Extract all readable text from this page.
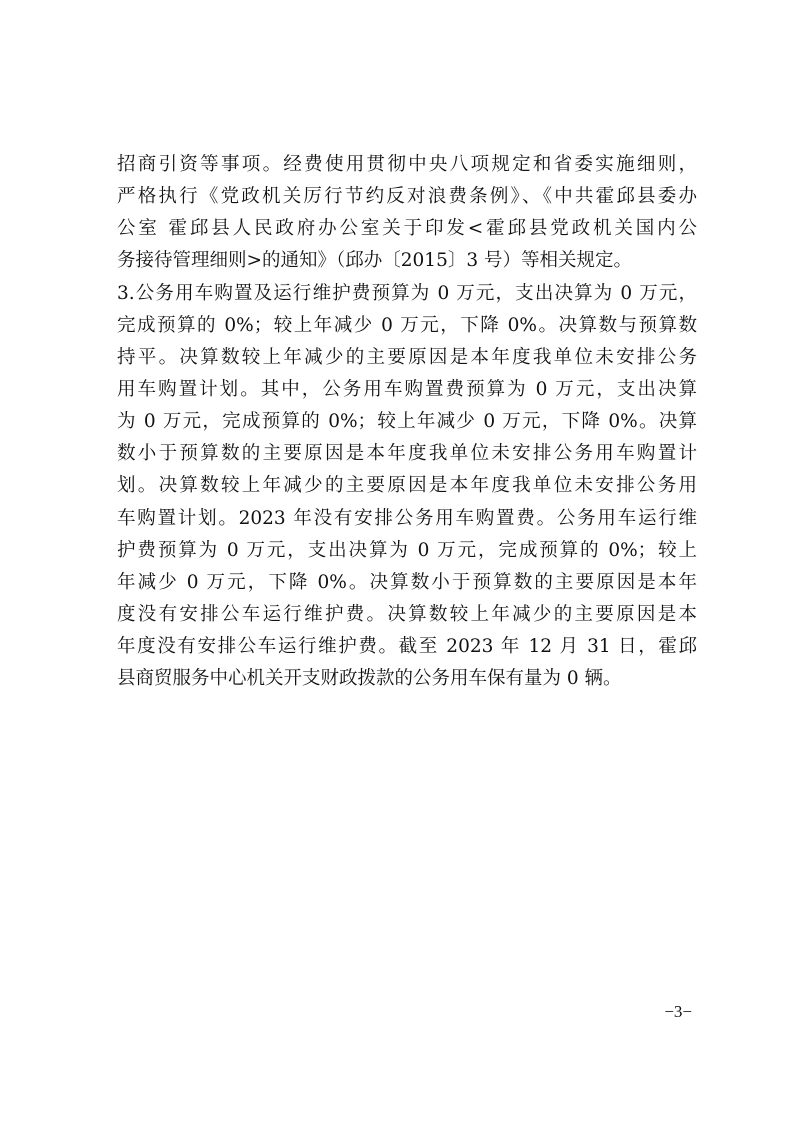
招商引资等事项。经费使用贯彻中央八项规定和省委实施细则，
严格执行《党政机关厉行节约反对浪费条例》、《中共霍邱县委办
公室 霍邱县人民政府办公室关于印发<霍邱县党政机关国内公
务接待管理细则>的通知》（邱办〔2015〕3 号）等相关规定。
3.公务用车购置及运行维护费预算为 0 万元，支出决算为 0 万元，
完成预算的 0%；较上年减少 0 万元，下降 0%。决算数与预算数
持平。决算数较上年减少的主要原因是本年度我单位未安排公务
用车购置计划。其中，公务用车购置费预算为 0 万元，支出决算
为 0 万元，完成预算的 0%；较上年减少 0 万元，下降 0%。决算
数小于预算数的主要原因是本年度我单位未安排公务用车购置计
划。决算数较上年减少的主要原因是本年度我单位未安排公务用
车购置计划。2023 年没有安排公务用车购置费。公务用车运行维
护费预算为 0 万元，支出决算为 0 万元，完成预算的 0%；较上
年减少 0 万元，下降 0%。决算数小于预算数的主要原因是本年
度没有安排公车运行维护费。决算数较上年减少的主要原因是本
年度没有安排公车运行维护费。截至 2023 年 12 月 31 日，霍邱
县商贸服务中心机关开支财政拨款的公务用车保有量为 0 辆。
−3−
